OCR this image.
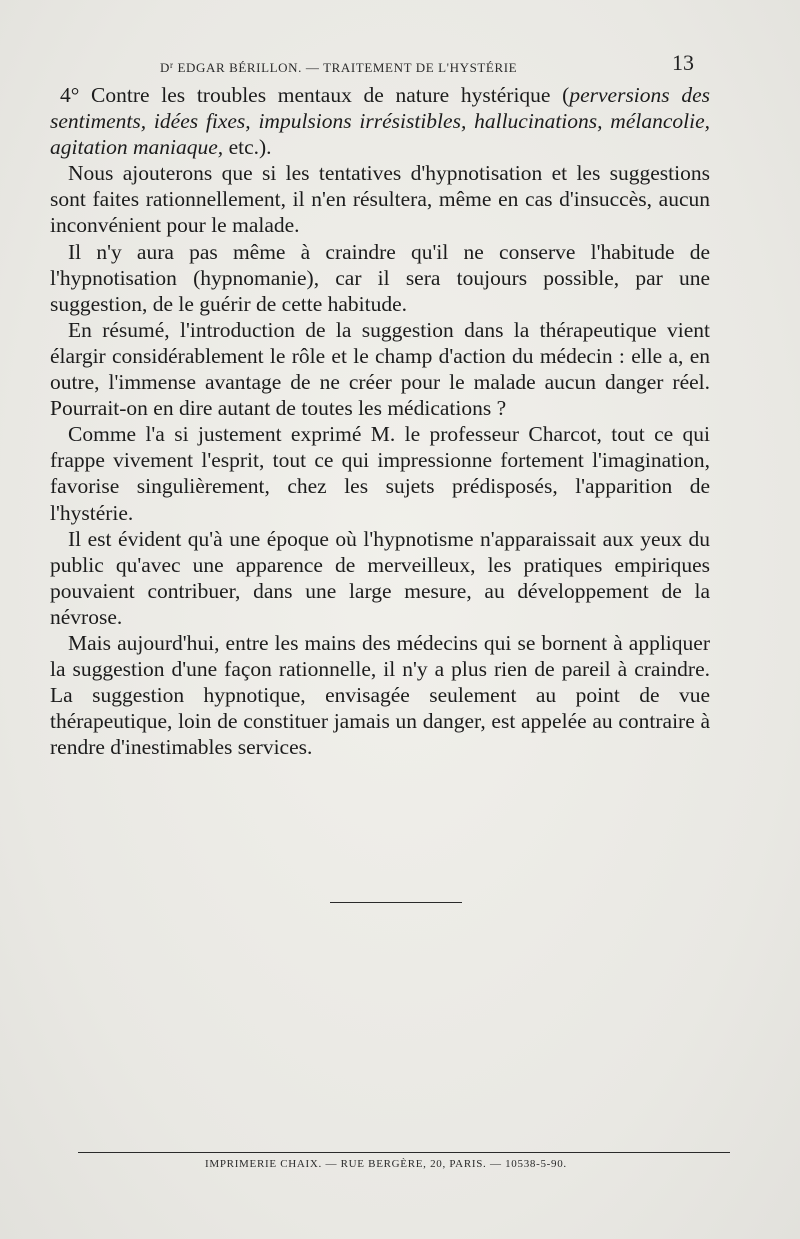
$D^r$ EDGAR BÉRILLON. — TRAITEMENT DE L'HYSTÉRIE	13

4° Contre les troubles mentaux de nature hystérique (perversions des sentiments, idées fixes, impulsions irrésistibles, hallucinations, mélancolie, agitation maniaque, etc.).

Nous ajouterons que si les tentatives d'hypnotisation et les suggestions sont faites rationnellement, il n'en résultera, même en cas d'insuccès, aucun inconvénient pour le malade.

Il n'y aura pas même à craindre qu'il ne conserve l'habitude de l'hypnotisation (hypnomanie), car il sera toujours possible, par une suggestion, de le guérir de cette habitude.

En résumé, l'introduction de la suggestion dans la thérapeutique vient élargir considérablement le rôle et le champ d'action du médecin : elle a, en outre, l'immense avantage de ne créer pour le malade aucun danger réel. Pourrait-on en dire autant de toutes les médications ?

Comme l'a si justement exprimé M. le professeur Charcot, tout ce qui frappe vivement l'esprit, tout ce qui impressionne fortement l'imagination, favorise singulièrement, chez les sujets prédisposés, l'apparition de l'hystérie.

Il est évident qu'à une époque où l'hypnotisme n'apparaissait aux yeux du public qu'avec une apparence de merveilleux, les pratiques empiriques pouvaient contribuer, dans une large mesure, au développement de la névrose.

Mais aujourd'hui, entre les mains des médecins qui se bornent à appliquer la suggestion d'une façon rationnelle, il n'y a plus rien de pareil à craindre. La suggestion hypnotique, envisagée seulement au point de vue thérapeutique, loin de constituer jamais un danger, est appelée au contraire à rendre d'inestimables services.

IMPRIMERIE CHAIX. — RUE BERGÈRE, 20, PARIS. — 10538-5-90.
